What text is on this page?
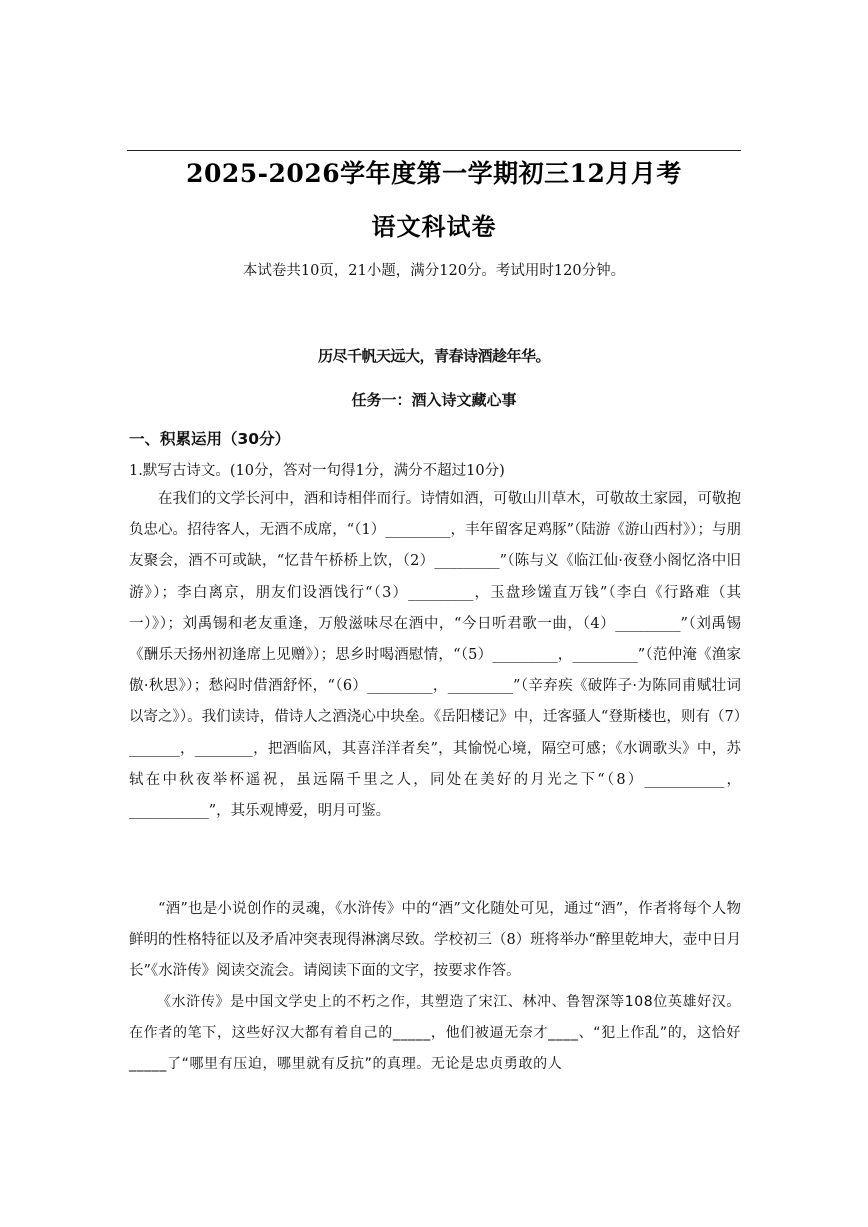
2025-2026学年度第一学期初三12月月考
语文科试卷
本试卷共10页，21小题，满分120分。考试用时120分钟。
历尽千帆天远大，青春诗酒趁年华。
任务一：酒入诗文藏心事
一、积累运用（30分）
1.默写古诗文。(10分，答对一句得1分，满分不超过10分)

在我们的文学长河中，酒和诗相伴而行。诗情如酒，可敬山川草木，可敬故土家园，可敬抱负忠心。招待客人，无酒不成席，“（1）_________，丰年留客足鸡豚”（陆游《游山西村》）；与朋友聚会，酒不可或缺，“忆昔午桥桥上饮，（2）_________”（陈与义《临江仙·夜登小阁忆洛中旧游》）；李白离京，朋友们设酒饯行“（3）_________，玉盘珍馐直万钱”（李白《行路难（其一）》）；刘禹锡和老友重逢，万般滋味尽在酒中，“今日听君歌一曲，（4）_________”（刘禹锡《酬乐天扬州初逢席上见赠》）；思乡时喝酒慰情，“（5）_________，_________”（范仲淹《渔家傲·秋思》）；愁闷时借酒舒怀，“（6）_________，_________”（辛弃疾《破阵子·为陈同甫赋壮词以寄之》）。我们读诗，借诗人之酒浇心中块垒。《岳阳楼记》中，迁客骚人“登斯楼也，则有（7）_______，________，把酒临风，其喜洋洋者矣”，其愉悦心境，隔空可感；《水调歌头》中，苏轼在中秋夜举杯遥祝，虽远隔千里之人，同处在美好的月光之下“（8）___________，___________”，其乐观博爱，明月可鉴。

“酒”也是小说创作的灵魂，《水浒传》中的“酒”文化随处可见，通过“酒”，作者将每个人物鲜明的性格特征以及矛盾冲突表现得淋漓尽致。学校初三（8）班将举办“醉里乾坤大，壶中日月长”《水浒传》阅读交流会。请阅读下面的文字，按要求作答。

《水浒传》是中国文学史上的不朽之作，其塑造了宋江、林冲、鲁智深等108位英雄好汉。在作者的笔下，这些好汉大都有着自己的_____，他们被逼无奈才____、“犯上作乱”的，这恰好_____了“哪里有压迫，哪里就有反抗”的真理。无论是忠贞勇敢的人
